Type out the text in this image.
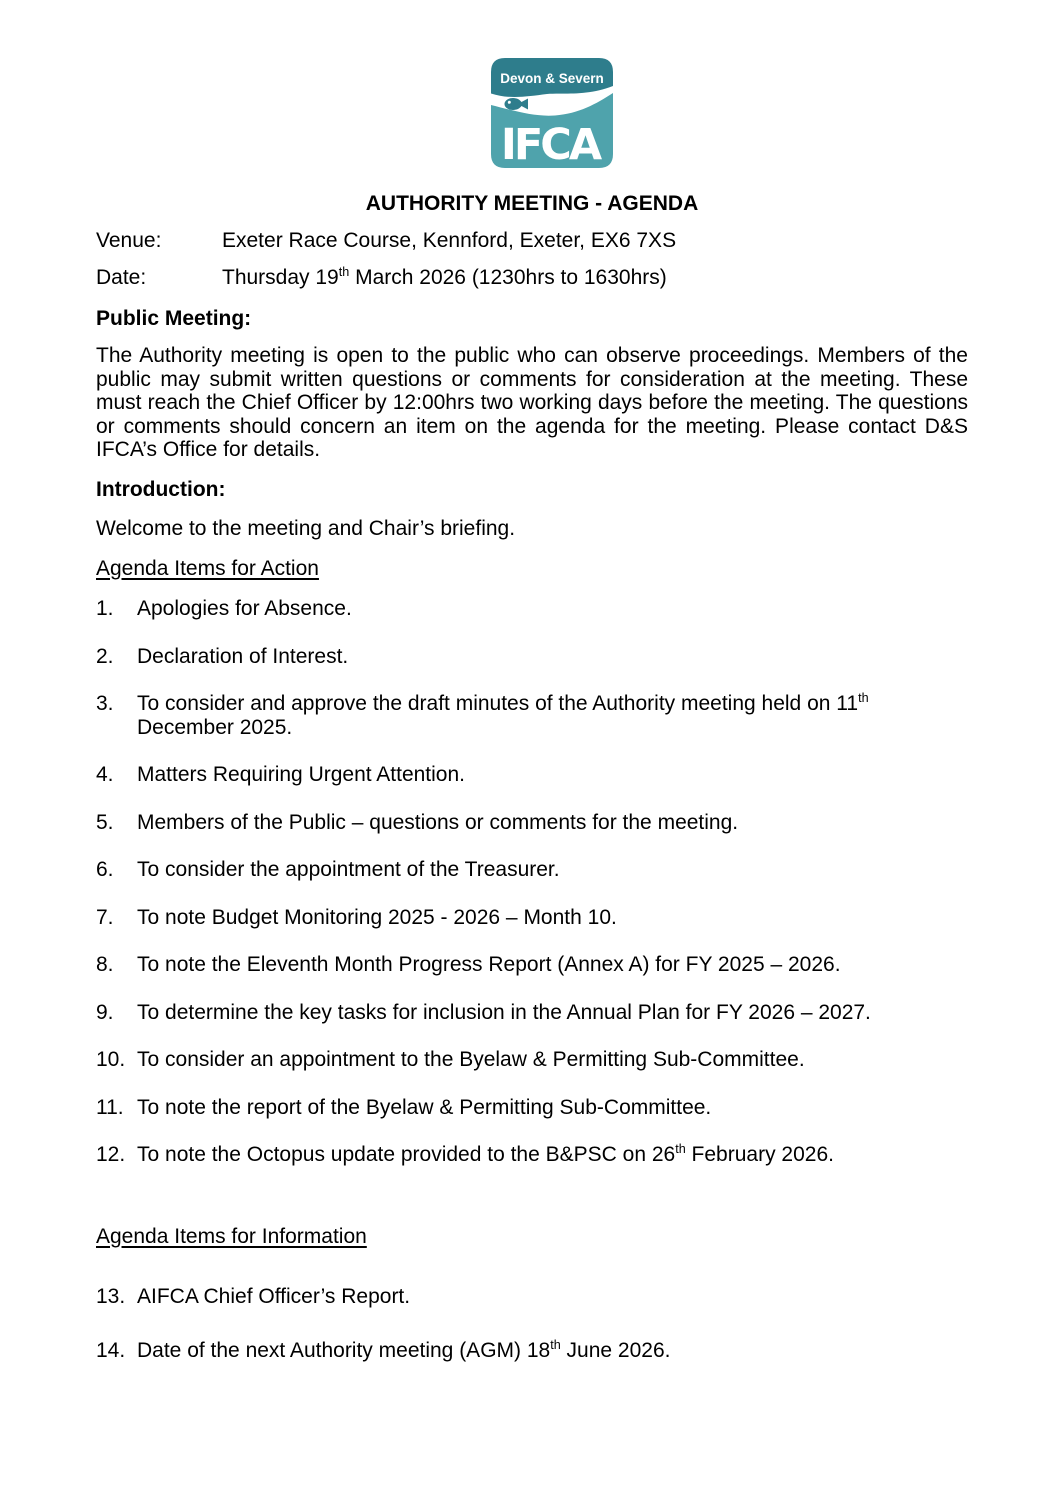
Devon & Severn
IFCA
AUTHORITY MEETING - AGENDA
Venue:	Exeter Race Course, Kennford, Exeter, EX6 7XS
Date:	Thursday 19th March 2026 (1230hrs to 1630hrs)
Public Meeting:
The Authority meeting is open to the public who can observe proceedings. Members of the public may submit written questions or comments for consideration at the meeting. These must reach the Chief Officer by 12:00hrs two working days before the meeting. The questions or comments should concern an item on the agenda for the meeting. Please contact D&S IFCA’s Office for details.
Introduction:
Welcome to the meeting and Chair’s briefing.
Agenda Items for Action
1.	Apologies for Absence.
2.	Declaration of Interest.
3.	To consider and approve the draft minutes of the Authority meeting held on 11th December 2025.
4.	Matters Requiring Urgent Attention.
5.	Members of the Public – questions or comments for the meeting.
6.	To consider the appointment of the Treasurer.
7.	To note Budget Monitoring 2025 - 2026 – Month 10.
8.	To note the Eleventh Month Progress Report (Annex A) for FY 2025 – 2026.
9.	To determine the key tasks for inclusion in the Annual Plan for FY 2026 – 2027.
10. To consider an appointment to the Byelaw & Permitting Sub-Committee.
11. To note the report of the Byelaw & Permitting Sub-Committee.
12. To note the Octopus update provided to the B&PSC on 26th February 2026.
Agenda Items for Information
13. AIFCA Chief Officer’s Report.
14. Date of the next Authority meeting (AGM) 18th June 2026.
